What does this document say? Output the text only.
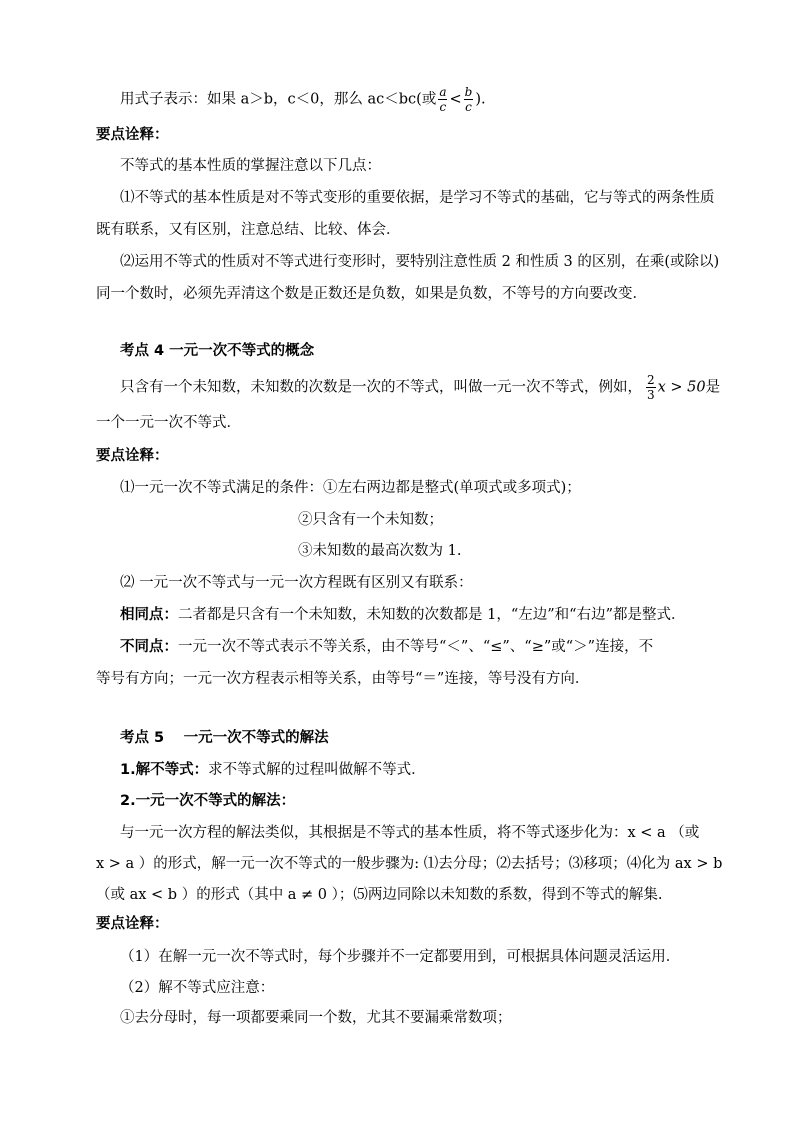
用式子表示：如果 a＞b，c＜0，那么 ac＜bc(或 $\frac{a}{c} < \frac{b}{c}$ ).
要点诠释：
不等式的基本性质的掌握注意以下几点：
⑴不等式的基本性质是对不等式变形的重要依据，是学习不等式的基础，它与等式的两条性质
既有联系，又有区别，注意总结、比较、体会．
⑵运用不等式的性质对不等式进行变形时，要特别注意性质 2 和性质 3 的区别，在乘(或除以)
同一个数时，必须先弄清这个数是正数还是负数，如果是负数，不等号的方向要改变．
考点 4 一元一次不等式的概念
只含有一个未知数，未知数的次数是一次的不等式，叫做一元一次不等式，例如， $\frac{2}{3}$ x > 50是
一个一元一次不等式．
要点诠释：
⑴一元一次不等式满足的条件：①左右两边都是整式(单项式或多项式)；
②只含有一个未知数；
③未知数的最高次数为 1.
⑵ 一元一次不等式与一元一次方程既有区别又有联系：
相同点：二者都是只含有一个未知数，未知数的次数都是 1，“左边”和“右边”都是整式．
不同点：一元一次不等式表示不等关系，由不等号“＜”、“≤”、“≥”或“＞”连接，不
等号有方向；一元一次方程表示相等关系，由等号“＝”连接，等号没有方向．
考点 5　 一元一次不等式的解法
1.解不等式：求不等式解的过程叫做解不等式．
2.一元一次不等式的解法：
与一元一次方程的解法类似，其根据是不等式的基本性质，将不等式逐步化为：x < a （或
x > a ）的形式，解一元一次不等式的一般步骤为: ⑴去分母；⑵去括号；⑶移项；⑷化为 ax > b
（或 ax < b ）的形式（其中 a ≠ 0 ）；⑸两边同除以未知数的系数，得到不等式的解集.
要点诠释：
（1）在解一元一次不等式时，每个步骤并不一定都要用到，可根据具体问题灵活运用．
（2）解不等式应注意：
①去分母时，每一项都要乘同一个数，尤其不要漏乘常数项；
